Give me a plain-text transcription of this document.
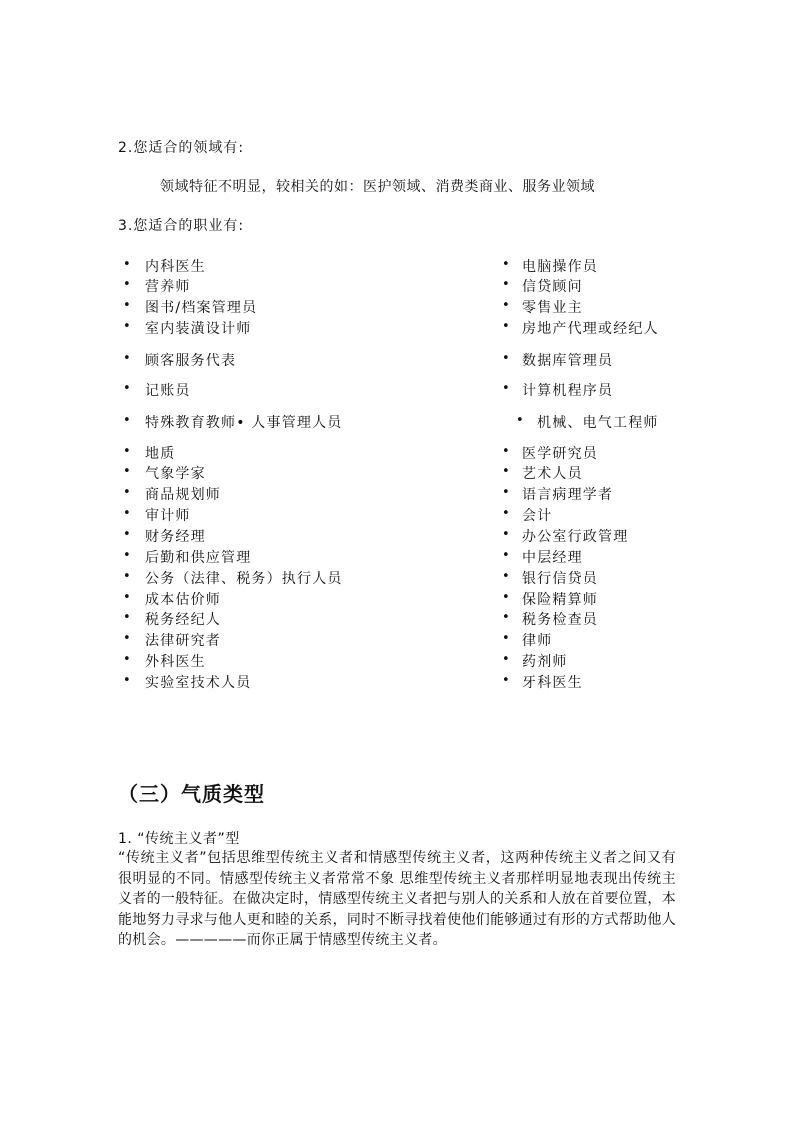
2.您适合的领域有:
领域特征不明显，较相关的如：医护领域、消费类商业、服务业领域
3.您适合的职业有:
• 内科医生
• 营养师
• 图书/档案管理员
• 室内装潢设计师
• 顾客服务代表
• 记账员
• 特殊教育教师• 人事管理人员
• 地质
• 气象学家
• 商品规划师
• 审计师
• 财务经理
• 后勤和供应管理
• 公务（法律、税务）执行人员
• 成本估价师
• 税务经纪人
• 法律研究者
• 外科医生
• 实验室技术人员
• 电脑操作员
• 信贷顾问
• 零售业主
• 房地产代理或经纪人
• 数据库管理员
• 计算机程序员
• 机械、电气工程师
• 医学研究员
• 艺术人员
• 语言病理学者
• 会计
• 办公室行政管理
• 中层经理
• 银行信贷员
• 保险精算师
• 税务检查员
• 律师
• 药剂师
• 牙科医生
（三）气质类型
1. “传统主义者”型
“传统主义者”包括思维型传统主义者和情感型传统主义者，这两种传统主义者之间又有很明显的不同。情感型传统主义者常常不象 思维型传统主义者那样明显地表现出传统主义者的一般特征。在做决定时，情感型传统主义者把与别人的关系和人放在首要位置，本 能地努力寻求与他人更和睦的关系，同时不断寻找着使他们能够通过有形的方式帮助他人的机会。—————而你正属于情感型传统主义者。
